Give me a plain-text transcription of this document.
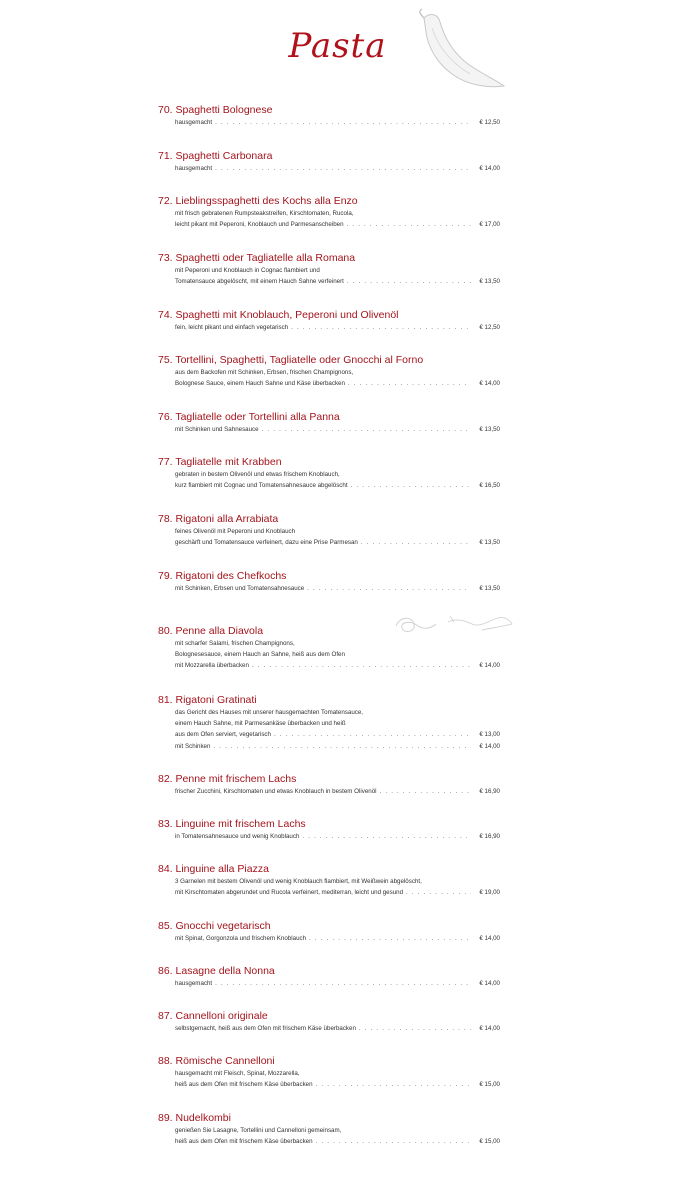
Pasta
70. Spaghetti Bolognese
hausgemacht . . .	€ 12,50
71. Spaghetti Carbonara
hausgemacht . . .	€ 14,00
72. Lieblingsspaghetti des Kochs alla Enzo
mit frisch gebratenen Rumpsteakstreifen, Kirschtomaten, Rucola,
leicht pikant mit Peperoni, Knoblauch und Parmesanscheiben . . .	€ 17,00
73. Spaghetti oder Tagliatelle alla Romana
mit Peperoni und Knoblauch in Cognac flambiert und
Tomatensauce abgelöscht, mit einem Hauch Sahne verfeinert . . .	€ 13,50
74. Spaghetti mit Knoblauch, Peperoni und Olivenöl
fein, leicht pikant und einfach vegetarisch . . .	€ 12,50
75. Tortellini, Spaghetti, Tagliatelle oder Gnocchi al Forno
aus dem Backofen mit Schinken, Erbsen, frischen Champignons,
Bolognese Sauce, einem Hauch Sahne und Käse überbacken . . .	€ 14,00
76. Tagliatelle oder Tortellini alla Panna
mit Schinken und Sahnesauce . . .	€ 13,50
77. Tagliatelle mit Krabben
gebraten in bestem Olivenöl und etwas frischem Knoblauch,
kurz flambiert mit Cognac und Tomatensahnesauce abgelöscht . . .	€ 16,50
78. Rigatoni alla Arrabiata
feines Olivenöl mit Peperoni und Knoblauch
geschärft und Tomatensauce verfeinert, dazu eine Prise Parmesan . . .	€ 13,50
79. Rigatoni des Chefkochs
mit Schinken, Erbsen und Tomatensahnesauce . . .	€ 13,50
80. Penne alla Diavola
mit scharfer Salami, frischen Champignons,
Bolognesesauce, einem Hauch an Sahne, heiß aus dem Ofen
mit Mozzarella überbacken . . .	€ 14,00
81. Rigatoni Gratinati
das Gericht des Hauses mit unserer hausgemachten Tomatensauce,
einem Hauch Sahne, mit Parmesankäse überbacken und heiß
aus dem Ofen serviert, vegetarisch . . .	€ 13,00
mit Schinken . . .	€ 14,00
82. Penne mit frischem Lachs
frischer Zucchini, Kirschtomaten und etwas Knoblauch in bestem Olivenöl . . .	€ 16,90
83. Linguine mit frischem Lachs
in Tomatensahnesauce und wenig Knoblauch . . .	€ 16,90
84. Linguine alla Piazza
3 Garnelen mit bestem Olivenöl und wenig Knoblauch flambiert, mit Weißwein abgelöscht,
mit Kirschtomaten abgerundet und Rucola verfeinert, mediterran, leicht und gesund . . .	€ 19,00
85. Gnocchi vegetarisch
mit Spinat, Gorgonzola und frischem Knoblauch . . .	€ 14,00
86. Lasagne della Nonna
hausgemacht . . .	€ 14,00
87. Cannelloni originale
selbstgemacht, heiß aus dem Ofen mit frischem Käse überbacken . . .	€ 14,00
88. Römische Cannelloni
hausgemacht mit Fleisch, Spinat, Mozzarella,
heiß aus dem Ofen mit frischem Käse überbacken . . .	€ 15,00
89. Nudelkombi
genießen Sie Lasagne, Tortellini und Cannelloni gemeinsam,
heiß aus dem Ofen mit frischem Käse überbacken . . .	€ 15,00
